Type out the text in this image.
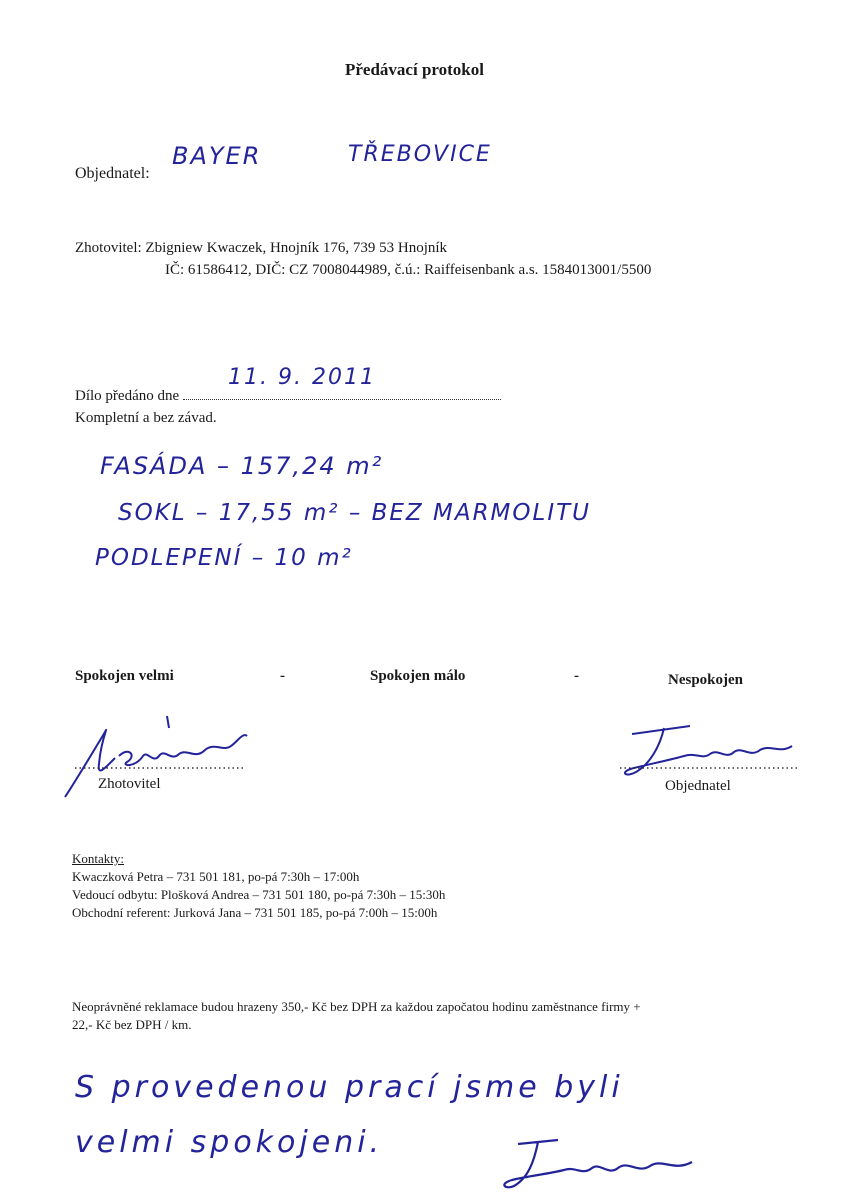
Předávací protokol
Objednatel:
BAYER	TŘEBOVICE
Zhotovitel: Zbigniew Kwaczek, Hnojník 176, 739 53 Hnojník
IČ: 61586412, DIČ: CZ 7008044989, č.ú.: Raiffeisenbank a.s. 1584013001/5500
Dílo předáno dne
11. 9. 2011
Kompletní a bez závad.
FASÁDA – 157,24 m²
SOKL – 17,55 m² – BEZ MARMOLITU
PODLEPENÍ – 10 m²
Spokojen velmi	-	Spokojen málo	-	Nespokojen
Zhotovitel	Objednatel
Kontakty:
Kwaczková Petra – 731 501 181, po-pá 7:30h – 17:00h
Vedoucí odbytu: Plošková Andrea – 731 501 180, po-pá 7:30h – 15:30h
Obchodní referent: Jurková Jana – 731 501 185, po-pá 7:00h – 15:00h
Neoprávněné reklamace budou hrazeny 350,- Kč bez DPH za každou započatou hodinu zaměstnance firmy +
22,- Kč bez DPH / km.
S provedenou prací jsme byli
velmi spokojeni.
